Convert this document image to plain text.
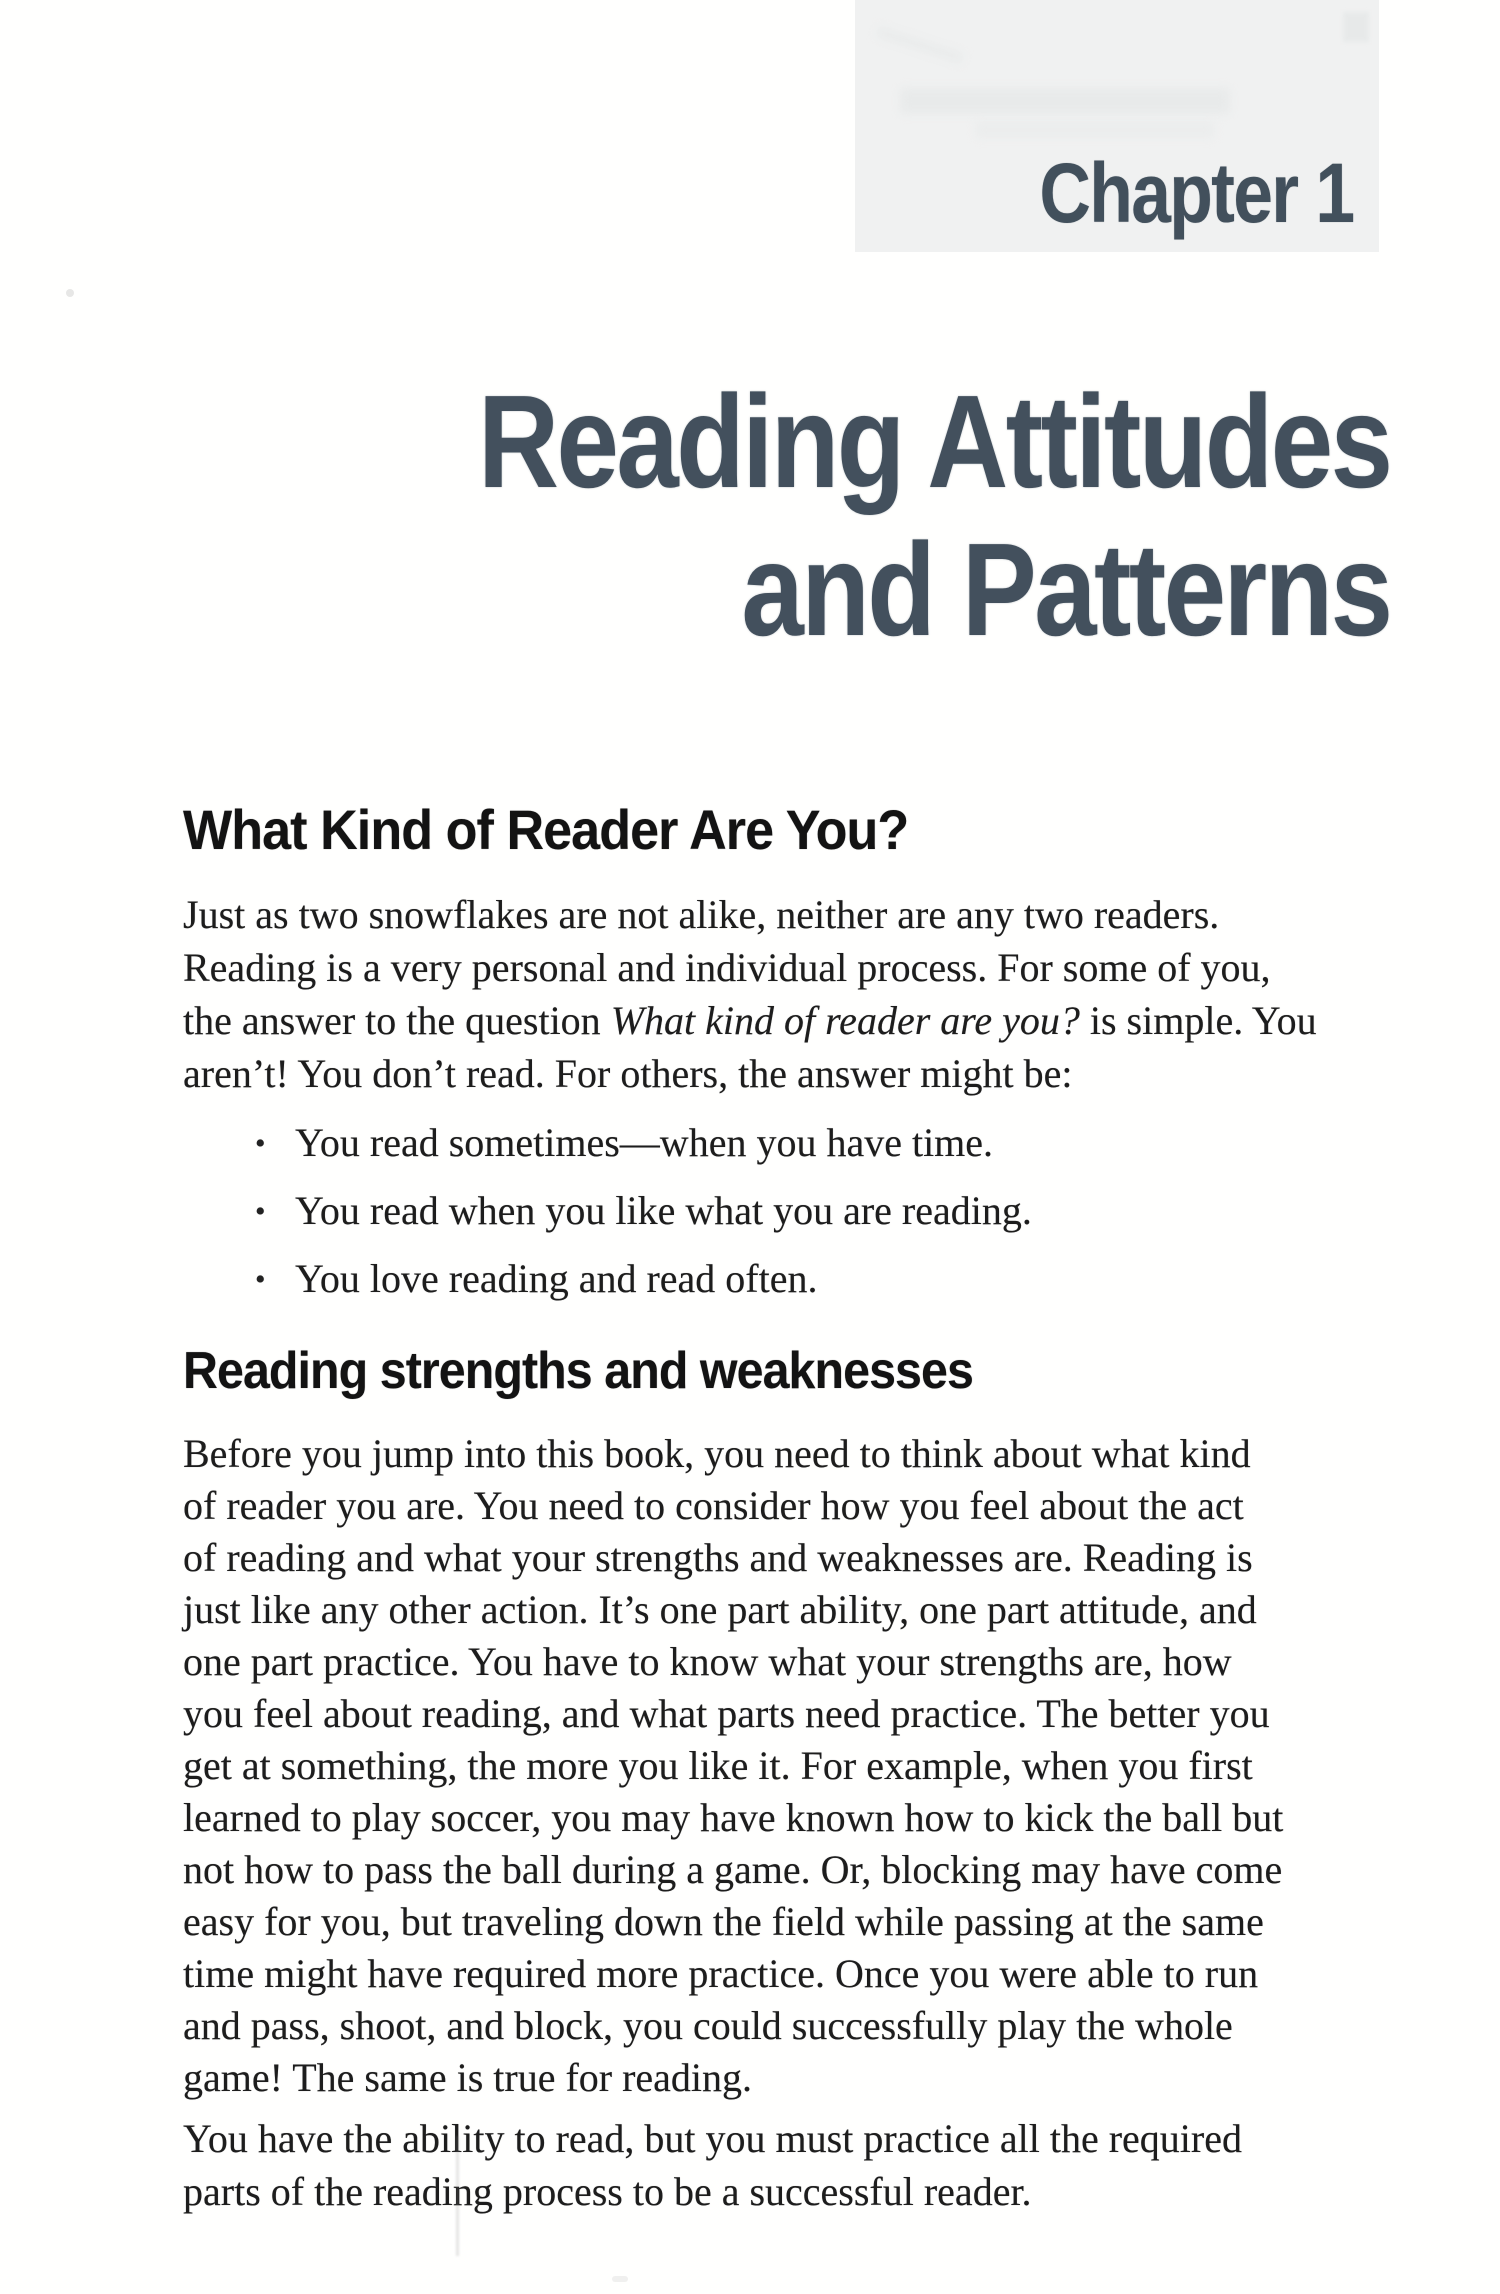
Chapter 1
Reading Attitudes
and Patterns
What Kind of Reader Are You?
Just as two snowflakes are not alike, neither are any two readers.
Reading is a very personal and individual process. For some of you,
the answer to the question What kind of reader are you? is simple. You
aren’t! You don’t read. For others, the answer might be:
• You read sometimes—when you have time.
• You read when you like what you are reading.
• You love reading and read often.
Reading strengths and weaknesses
Before you jump into this book, you need to think about what kind
of reader you are. You need to consider how you feel about the act
of reading and what your strengths and weaknesses are. Reading is
just like any other action. It’s one part ability, one part attitude, and
one part practice. You have to know what your strengths are, how
you feel about reading, and what parts need practice. The better you
get at something, the more you like it. For example, when you first
learned to play soccer, you may have known how to kick the ball but
not how to pass the ball during a game. Or, blocking may have come
easy for you, but traveling down the field while passing at the same
time might have required more practice. Once you were able to run
and pass, shoot, and block, you could successfully play the whole
game! The same is true for reading.
You have the ability to read, but you must practice all the required
parts of the reading process to be a successful reader.
